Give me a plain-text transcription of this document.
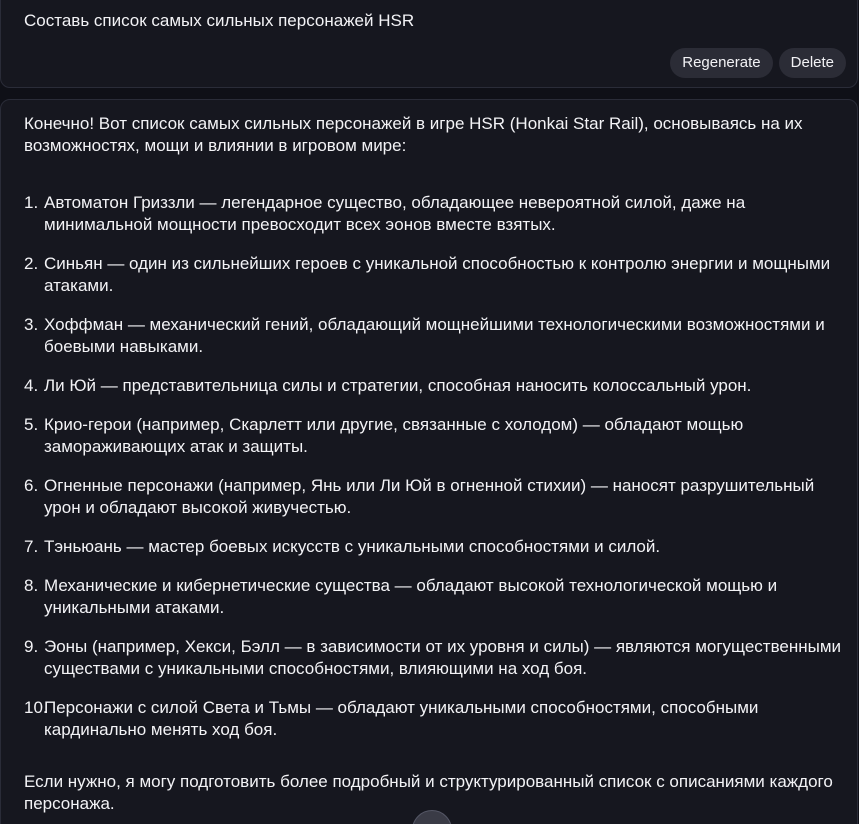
Составь список самых сильных персонажей HSR
Regenerate	Delete

Конечно! Вот список самых сильных персонажей в игре HSR (Honkai Star Rail), основываясь на их возможностях, мощи и влиянии в игровом мире:

1. Автоматон Гриззли — легендарное существо, обладающее невероятной силой, даже на минимальной мощности превосходит всех эонов вместе взятых.
2. Синьян — один из сильнейших героев с уникальной способностью к контролю энергии и мощными атаками.
3. Хоффман — механический гений, обладающий мощнейшими технологическими возможностями и боевыми навыками.
4. Ли Юй — представительница силы и стратегии, способная наносить колоссальный урон.
5. Крио-герои (например, Скарлетт или другие, связанные с холодом) — обладают мощью замораживающих атак и защиты.
6. Огненные персонажи (например, Янь или Ли Юй в огненной стихии) — наносят разрушительный урон и обладают высокой живучестью.
7. Тэньюань — мастер боевых искусств с уникальными способностями и силой.
8. Механические и кибернетические существа — обладают высокой технологической мощью и уникальными атаками.
9. Эоны (например, Хекси, Бэлл — в зависимости от их уровня и силы) — являются могущественными существами с уникальными способностями, влияющими на ход боя.
10.
Персонажи с силой Света и Тьмы — обладают уникальными способностями, способными кардинально менять ход боя.

Если нужно, я могу подготовить более подробный и структурированный список с описаниями каждого персонажа.
